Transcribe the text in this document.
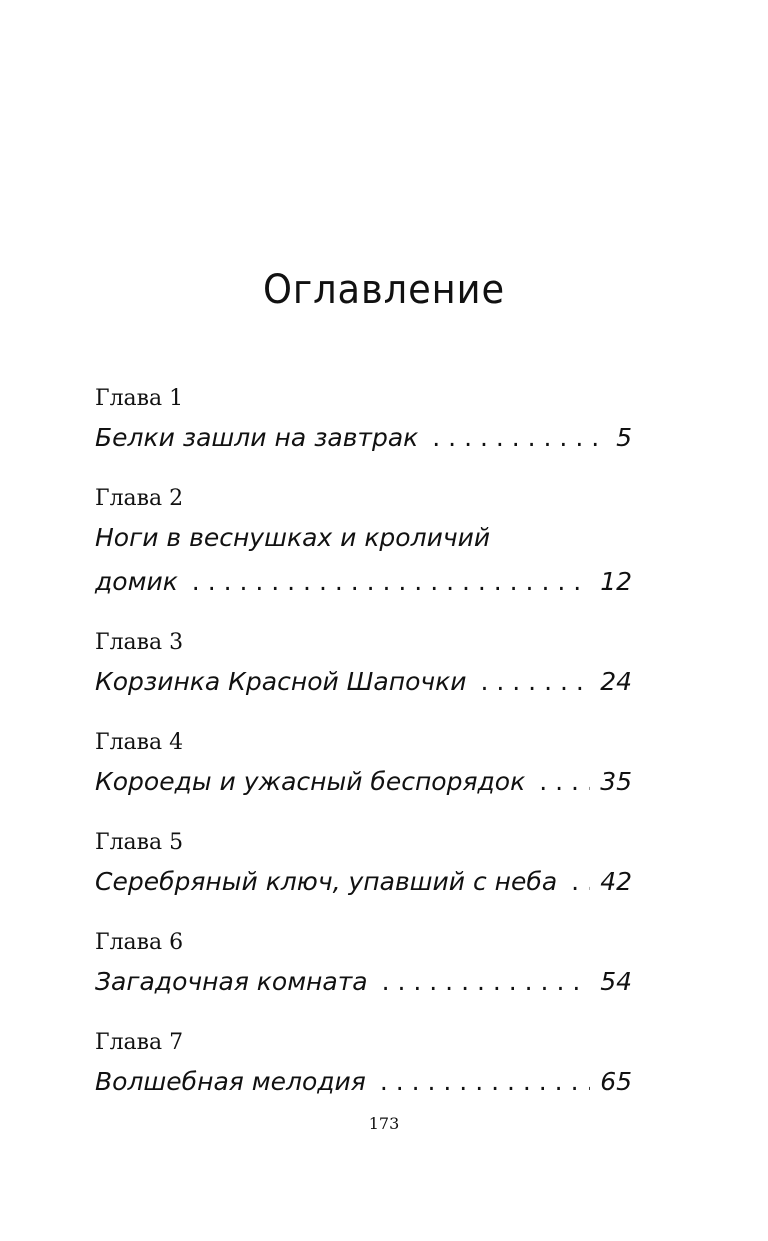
Оглавление
Глава 1
Белки зашли на завтрак . . .	5
Глава 2
Ноги в веснушках и кроличий
домик . . .	12
Глава 3
Корзинка Красной Шапочки . . .	24
Глава 4
Короеды и ужасный беспорядок . . .	35
Глава 5
Серебряный ключ, упавший с неба . . . 42
Глава 6
Загадочная комната . . .	54
Глава 7
Волшебная мелодия . . .	65
173
